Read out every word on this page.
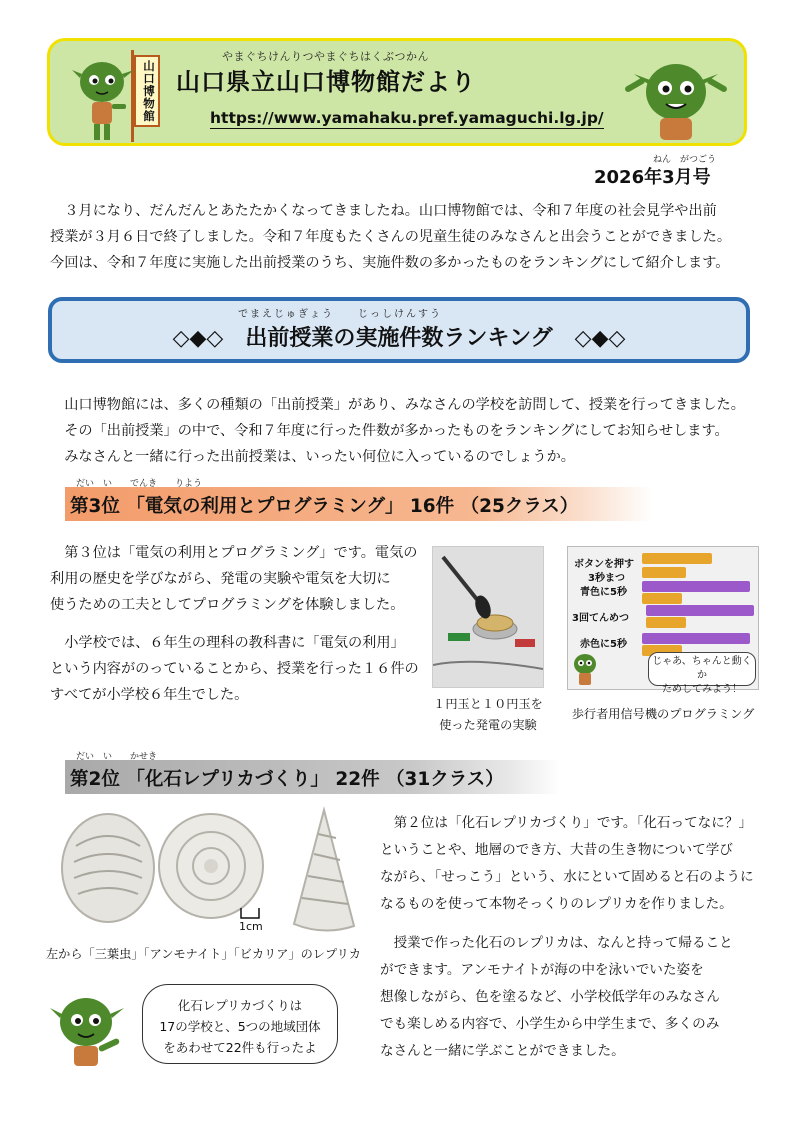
山口博物館
やまぐちけんりつやまぐちはくぶつかん
山口県立山口博物館だより
https://www.yamahaku.pref.yamaguchi.lg.jp/
ねん　がつごう
2026年3月号
　３月になり、だんだんとあたたかくなってきましたね。山口博物館では、令和７年度の社会見学や出前
授業が３月６日で終了しました。令和７年度もたくさんの児童生徒のみなさんと出会うことができました。
今回は、令和７年度に実施した出前授業のうち、実施件数の多かったものをランキングにして紹介します。
◇◆◇　出前授業の実施件数ランキング　◇◆◇
でまえじゅぎょう　　じっしけんすう
　山口博物館には、多くの種類の「出前授業」があり、みなさんの学校を訪問して、授業を行ってきました。
　その「出前授業」の中で、令和７年度に行った件数が多かったものをランキングにしてお知らせします。
　みなさんと一緒に行った出前授業は、いったい何位に入っているのでしょうか。
だい　い　　でんき　　りよう
第3位 「電気の利用とプログラミング」 16件 （25クラス）
　第３位は「電気の利用とプログラミング」です。電気の
利用の歴史を学びながら、発電の実験や電気を大切に
使うための工夫としてプログラミングを体験しました。
　小学校では、６年生の理科の教科書に「電気の利用」
という内容がのっていることから、授業を行った１６件の
すべてが小学校６年生でした。
１円玉と１０円玉を
使った発電の実験
ボタンを押す
3秒まつ
青色に5秒
3回てんめつ
赤色に5秒
じゃあ、ちゃんと動くか
ためしてみよう！
歩行者用信号機のプログラミング
だい　い　　かせき
第2位 「化石レプリカづくり」 22件 （31クラス）
1cm
左から「三葉虫」「アンモナイト」「ビカリア」のレプリカ
　第２位は「化石レプリカづくり」です。「化石ってなに？」
ということや、地層のでき方、大昔の生き物について学び
ながら、「せっこう」という、水にといて固めると石のように
なるものを使って本物そっくりのレプリカを作りました。
　授業で作った化石のレプリカは、なんと持って帰ること
ができます。アンモナイトが海の中を泳いでいた姿を
想像しながら、色を塗るなど、小学校低学年のみなさん
でも楽しめる内容で、小学生から中学生まで、多くのみ
なさんと一緒に学ぶことができました。
化石レプリカづくりは
17の学校と、5つの地域団体
をあわせて22件も行ったよ
